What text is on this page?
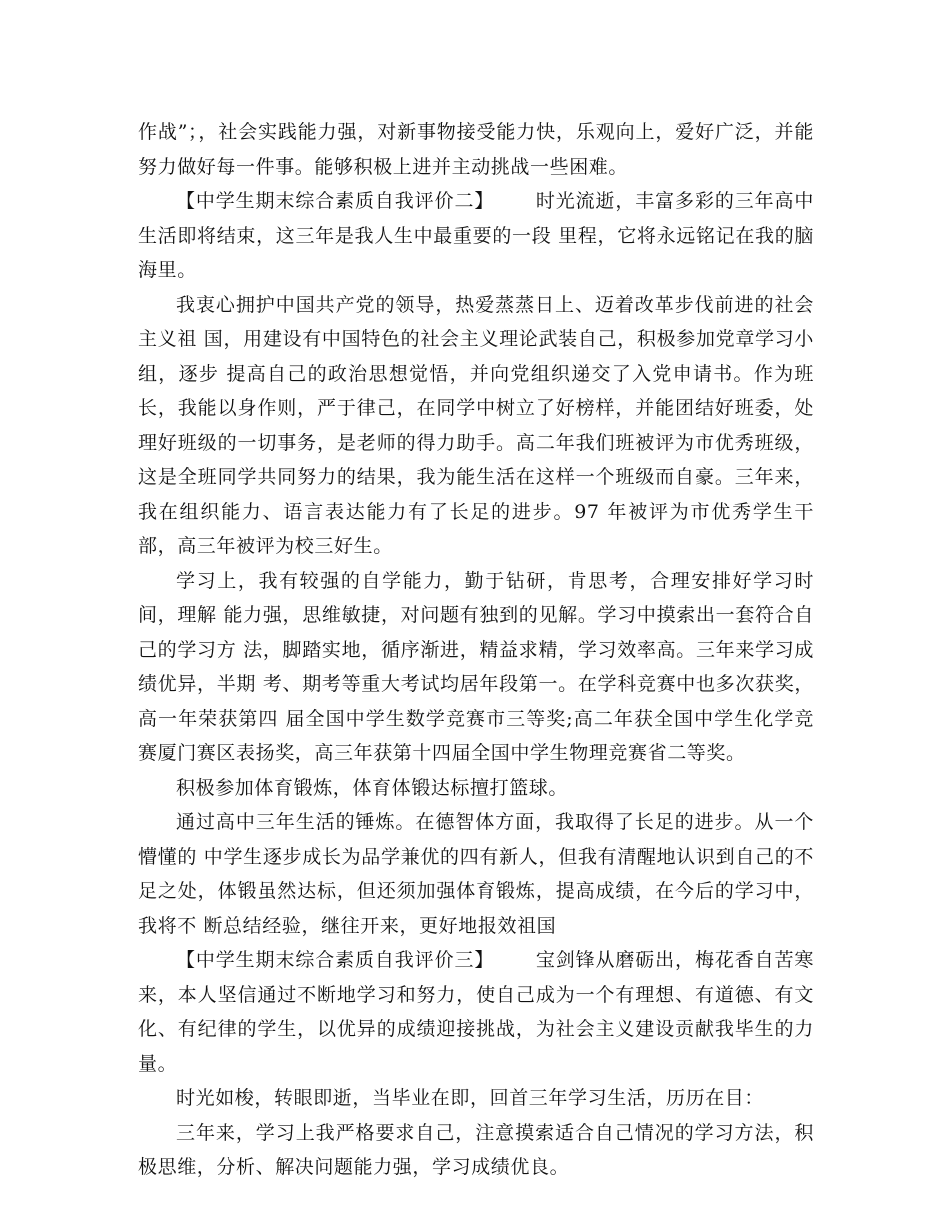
作战”；，社会实践能力强，对新事物接受能力快，乐观向上，爱好广泛，并能努力做好每一件事。能够积极上进并主动挑战一些困难。

【中学生期末综合素质自我评价二】 时光流逝，丰富多彩的三年高中生活即将结束，这三年是我人生中最重要的一段 里程，它将永远铭记在我的脑海里。

我衷心拥护中国共产党的领导，热爱蒸蒸日上、迈着改革步伐前进的社会主义祖 国，用建设有中国特色的社会主义理论武装自己，积极参加党章学习小组，逐步 提高自己的政治思想觉悟，并向党组织递交了入党申请书。作为班长，我能以身作则，严于律己，在同学中树立了好榜样，并能团结好班委，处理好班级的一切事务，是老师的得力助手。高二年我们班被评为市优秀班级，这是全班同学共同努力的结果，我为能生活在这样一个班级而自豪。三年来，我在组织能力、语言表达能力有了长足的进步。97 年被评为市优秀学生干部，高三年被评为校三好生。

学习上，我有较强的自学能力，勤于钻研，肯思考，合理安排好学习时间，理解 能力强，思维敏捷，对问题有独到的见解。学习中摸索出一套符合自己的学习方 法，脚踏实地，循序渐进，精益求精，学习效率高。三年来学习成绩优异，半期 考、期考等重大考试均居年段第一。在学科竞赛中也多次获奖，高一年荣获第四 届全国中学生数学竞赛市三等奖;高二年获全国中学生化学竞赛厦门赛区表扬奖，高三年获第十四届全国中学生物理竞赛省二等奖。

积极参加体育锻炼，体育体锻达标擅打篮球。

通过高中三年生活的锤炼。在德智体方面，我取得了长足的进步。从一个懵懂的 中学生逐步成长为品学兼优的四有新人，但我有清醒地认识到自己的不足之处，体锻虽然达标，但还须加强体育锻炼，提高成绩，在今后的学习中，我将不 断总结经验，继往开来，更好地报效祖国

【中学生期末综合素质自我评价三】 宝剑锋从磨砺出，梅花香自苦寒来，本人坚信通过不断地学习和努力，使自己成为一个有理想、有道德、有文化、有纪律的学生，以优异的成绩迎接挑战，为社会主义建设贡献我毕生的力量。

时光如梭，转眼即逝，当毕业在即，回首三年学习生活，历历在目：

三年来，学习上我严格要求自己，注意摸索适合自己情况的学习方法，积极思维，分析、解决问题能力强，学习成绩优良。
